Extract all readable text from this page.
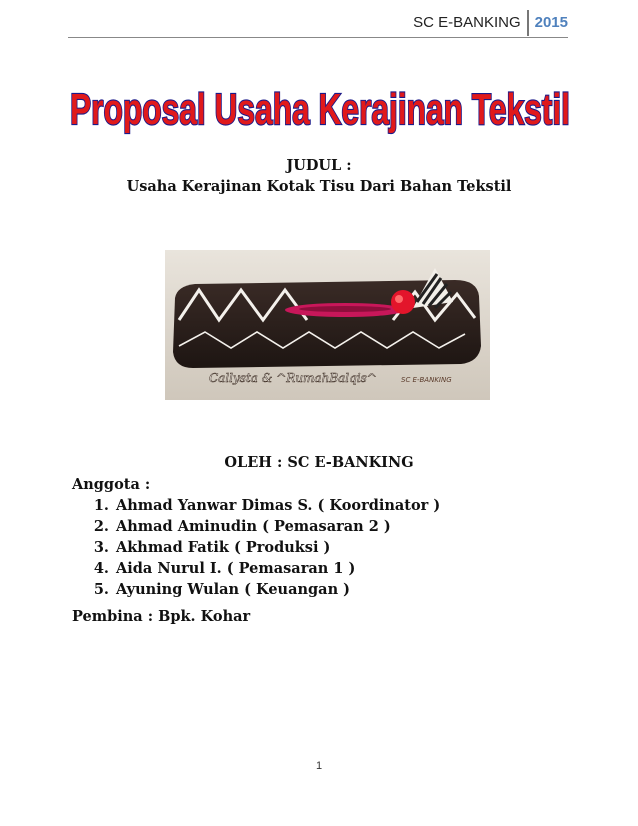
SC E-BANKING 2015
Proposal Usaha Kerajinan Tekstil
JUDUL :
Usaha Kerajinan Kotak Tisu Dari Bahan Tekstil
Callysta & ^RumahBalqis^	SC E-BANKING
OLEH : SC E-BANKING
Anggota :
1. Ahmad Yanwar Dimas S. ( Koordinator )
2. Ahmad Aminudin ( Pemasaran 2 )
3. Akhmad Fatik ( Produksi )
4. Aida Nurul I. ( Pemasaran 1 )
5. Ayuning Wulan ( Keuangan )
Pembina : Bpk. Kohar
1
